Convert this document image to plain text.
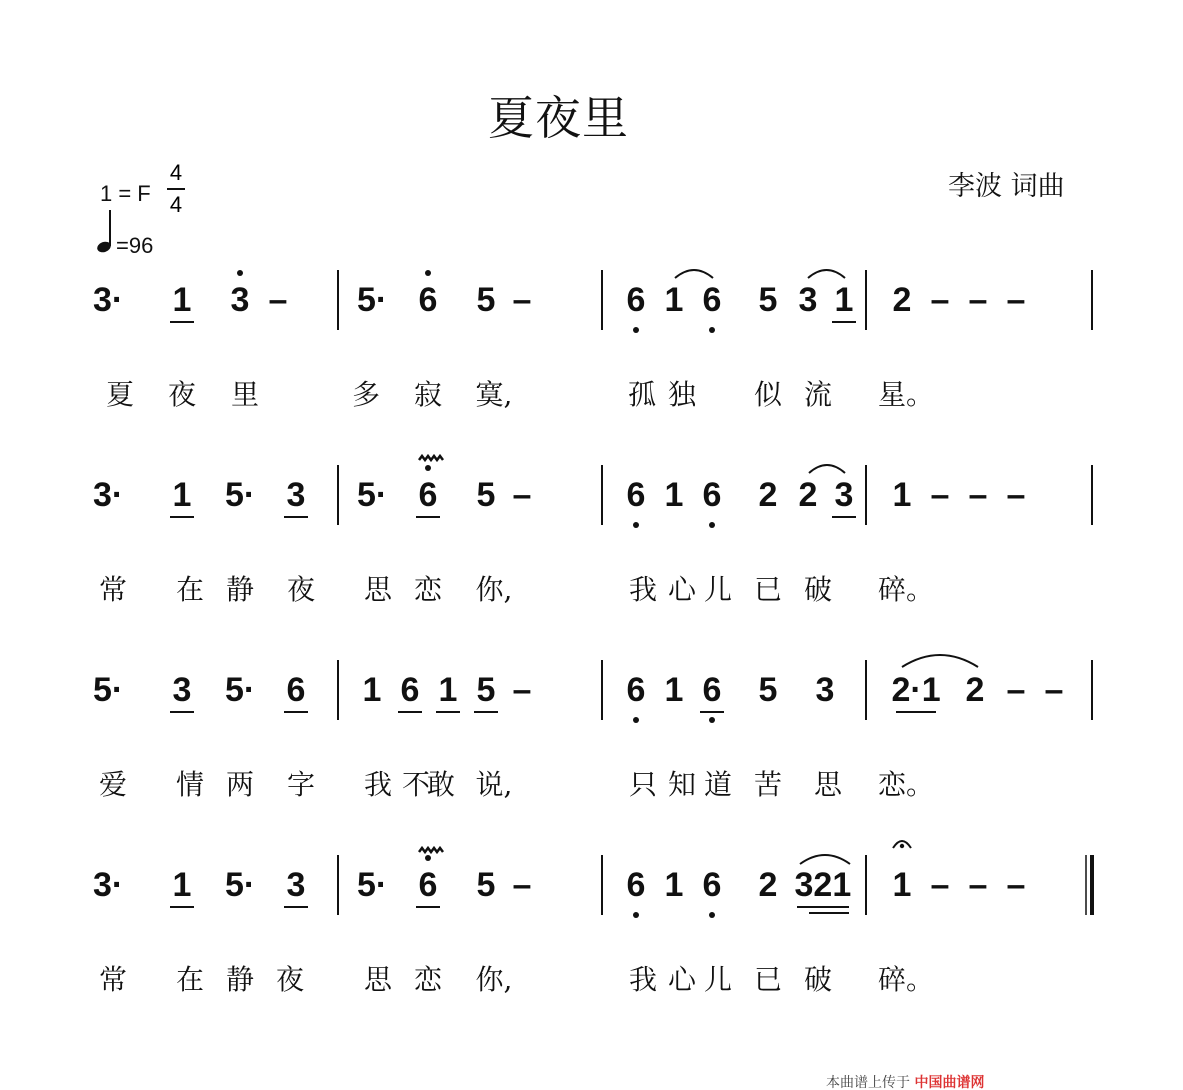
夏夜里
李波 词曲
1 = F
4
4
=96
本曲谱上传于 中国曲谱网
3· 1 3 – 5· 6 5 –	6 1 6 5 3 1 2 – – –
夏 夜 里	多 寂 寞,	孤 独 似 流 星。
3· 1 5· 3 5· 6 5 –	6 1 6 2 2 3 1 – – –
常 在 静 夜 思 恋 你,	我 心 儿 已 破 碎。
5· 3 5· 6 1 6 1 5 –	6 1 6 5 3 2·1 2 – –
爱 情 两 字 我 不
敢 说,	只 知 道 苦 思 恋。
3· 1 5· 3 5· 6 5 –	6 1 6 2 321 1 – – –
常 在 静 夜 思 恋 你,	我 心 儿 已 破 碎。
